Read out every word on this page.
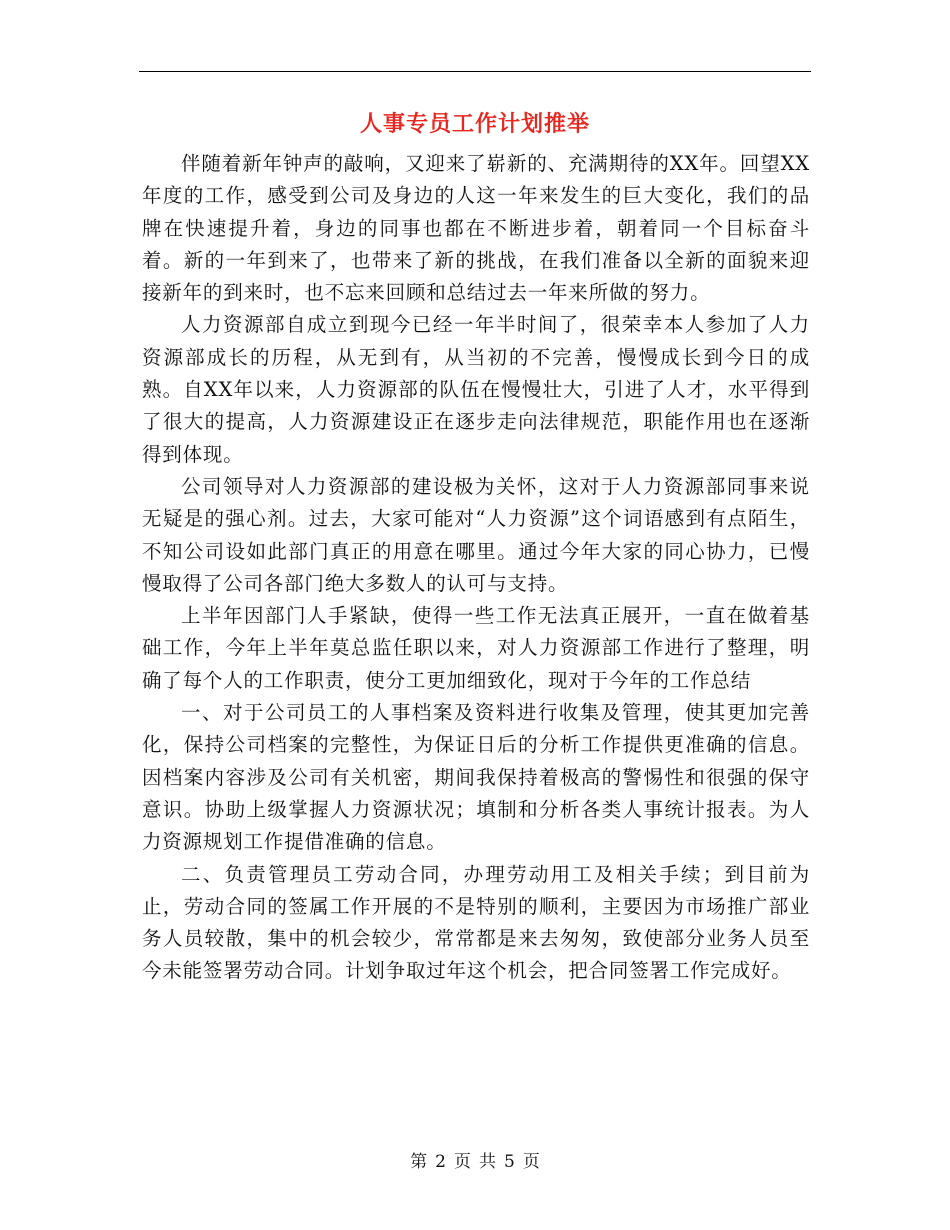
人事专员工作计划推举

伴随着新年钟声的敲响，又迎来了崭新的、充满期待的XX年。回望XX年度的工作，感受到公司及身边的人这一年来发生的巨大变化，我们的品牌在快速提升着，身边的同事也都在不断进步着，朝着同一个目标奋斗着。新的一年到来了，也带来了新的挑战，在我们准备以全新的面貌来迎接新年的到来时，也不忘来回顾和总结过去一年来所做的努力。

人力资源部自成立到现今已经一年半时间了，很荣幸本人参加了人力资源部成长的历程，从无到有，从当初的不完善，慢慢成长到今日的成熟。自XX年以来，人力资源部的队伍在慢慢壮大，引进了人才，水平得到了很大的提高，人力资源建设正在逐步走向法律规范，职能作用也在逐渐得到体现。

公司领导对人力资源部的建设极为关怀，这对于人力资源部同事来说无疑是的强心剂。过去，大家可能对“人力资源”这个词语感到有点陌生，不知公司设如此部门真正的用意在哪里。通过今年大家的同心协力，已慢慢取得了公司各部门绝大多数人的认可与支持。

上半年因部门人手紧缺，使得一些工作无法真正展开，一直在做着基础工作，今年上半年莫总监任职以来，对人力资源部工作进行了整理，明确了每个人的工作职责，使分工更加细致化，现对于今年的工作总结

一、对于公司员工的人事档案及资料进行收集及管理，使其更加完善化，保持公司档案的完整性，为保证日后的分析工作提供更准确的信息。因档案内容涉及公司有关机密，期间我保持着极高的警惕性和很强的保守意识。协助上级掌握人力资源状况；填制和分析各类人事统计报表。为人力资源规划工作提借准确的信息。

二、负责管理员工劳动合同，办理劳动用工及相关手续；到目前为止，劳动合同的签属工作开展的不是特别的顺利，主要因为市场推广部业务人员较散，集中的机会较少，常常都是来去匆匆，致使部分业务人员至今未能签署劳动合同。计划争取过年这个机会，把合同签署工作完成好。

第 2 页 共 5 页
